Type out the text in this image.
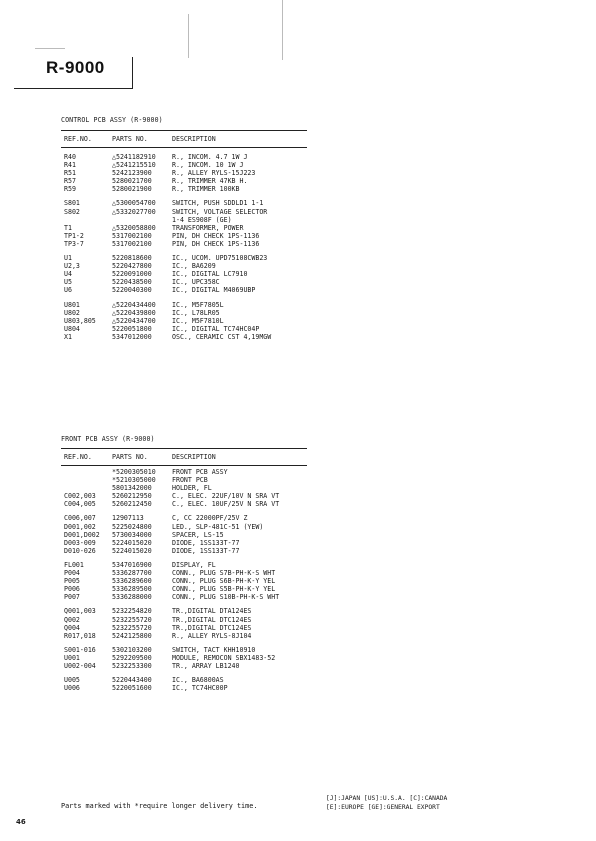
R-9000
CONTROL PCB ASSY (R-9000)
REF.NO.	PARTS NO.	DESCRIPTION
R40	△5241182910 R., INCOM. 4.7 1W J
R41	△5241215510 R., INCOM. 10 1W J
R51	5242123900	R., ALLEY RYLS-15J223
R57	5280021700	R., TRIMMER 47KB H.
R59	5280021900	R., TRIMMER 100KB
S801	△5300054700 SWITCH, PUSH SDDLD1 1-1
S802	△5332027700 SWITCH, VOLTAGE SELECTOR
1-4 ES908F (GE)
T1	△5320058800 TRANSFORMER, POWER
TP1-2	5317002100	PIN, DH CHECK 1PS-1136
TP3-7	5317002100	PIN, DH CHECK 1PS-1136
U1	5220818600	IC., UCOM. UPD75108CWB23
U2,3	5220427800	IC., BA6209
U4	5220091000	IC., DIGITAL LC7910
U5	5220438500	IC., UPC358C
U6	5220040300	IC., DIGITAL M4069UBP
U801	△5220434400 IC., M5F7805L
U802	△5220439800 IC., L78LR05
U803,805 △5220434700 IC., M5F7810L
U804	5220051800	IC., DIGITAL TC74HC04P
X1	5347012000	OSC., CERAMIC CST 4,19MGW
FRONT PCB ASSY (R-9000)
REF.NO.	PARTS NO.	DESCRIPTION
*5200305010 FRONT PCB ASSY
*5210305000 FRONT PCB
5801342000	HOLDER, FL
C002,003 5260212950	C., ELEC. 22UF/10V N SRA VT
C004,005 5260212450	C., ELEC. 10UF/25V N SRA VT
C006,007 12907113	C, CC 22000PF/25V Z
D001,002 5225024800	LED., SLP-481C-51 (YEW)
D001,D002 5730034000	SPACER, LS-15
D003-009 5224015020	DIODE, 1SS133T-77
D010-026 5224015020	DIODE, 1SS133T-77
FL001	5347016900	DISPLAY, FL
P004	5336287700	CONN., PLUG S7B-PH-K-S WHT
P005	5336289600	CONN., PLUG S6B-PH-K-Y YEL
P006	5336289500	CONN., PLUG S5B-PH-K-Y YEL
P007	5336288000	CONN., PLUG S10B-PH-K-S WHT
Q001,003 5232254820	TR.,DIGITAL DTA124ES
Q002	5232255720	TR.,DIGITAL DTC124ES
Q004	5232255720	TR.,DIGITAL DTC124ES
R017,018 5242125800	R., ALLEY RYLS-8J104
S001-016 5302103200	SWITCH, TACT KHH10910
U001	5292209500	MODULE, REMOCON SBX1483-52
U002-004 5232253300	TR., ARRAY LB1240
U005	5220443400	IC., BA6800AS
U006	5220051600	IC., TC74HC00P
[J]:JAPAN [US]:U.S.A. [C]:CANADA
[E]:EUROPE [GE]:GENERAL EXPORT
Parts marked with *require longer delivery time.
46
